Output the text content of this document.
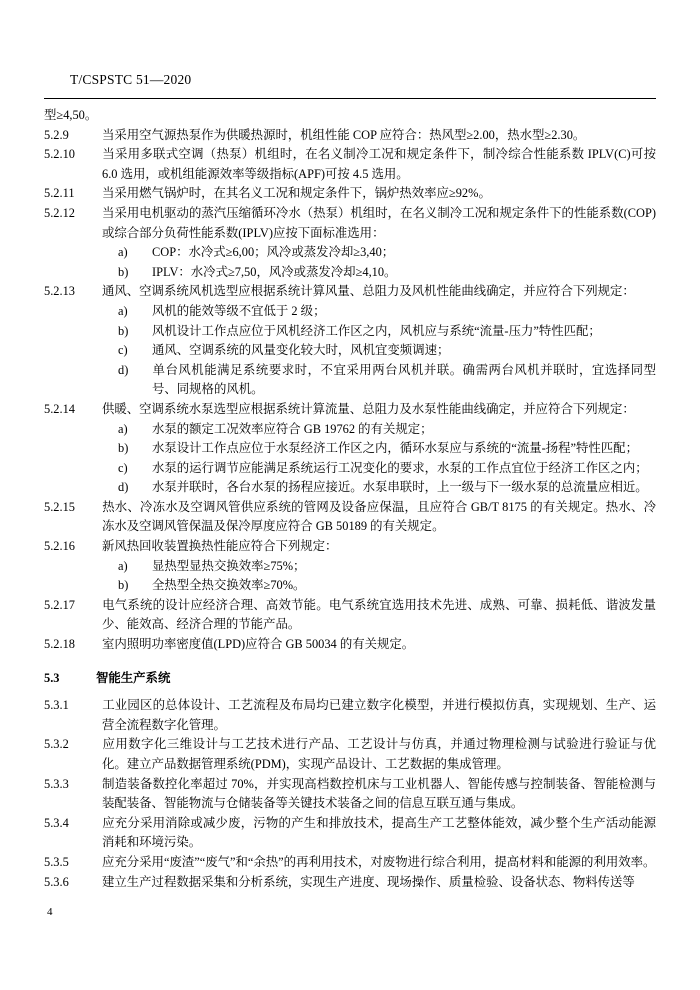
T/CSPSTC 51—2020
型≥4,50。
5.2.9	当采用空气源热泵作为供暖热源时，机组性能 COP 应符合：热风型≥2.00，热水型≥2.30。
5.2.10 当采用多联式空调（热泵）机组时，在名义制冷工况和规定条件下，制冷综合性能系数 IPLV(C)可按 6.0 选用，或机组能源效率等级指标(APF)可按 4.5 选用。
5.2.11 当采用燃气锅炉时，在其名义工况和规定条件下，锅炉热效率应≥92%。
5.2.12 当采用电机驱动的蒸汽压缩循环冷水（热泵）机组时，在名义制冷工况和规定条件下的性能系数(COP)或综合部分负荷性能系数(IPLV)应按下面标准选用：
a) COP：水冷式≥6,00；风冷或蒸发冷却≥3,40；
b) IPLV：水冷式≥7,50，风冷或蒸发冷却≥4,10。
5.2.13 通风、空调系统风机选型应根据系统计算风量、总阻力及风机性能曲线确定，并应符合下列规定：
a) 风机的能效等级不宜低于 2 级；
b) 风机设计工作点应位于风机经济工作区之内，风机应与系统“流量-压力”特性匹配；
c) 通风、空调系统的风量变化较大时，风机宜变频调速；
d) 单台风机能满足系统要求时，不宜采用两台风机并联。确需两台风机并联时，宜选择同型号、同规格的风机。
5.2.14 供暖、空调系统水泵选型应根据系统计算流量、总阻力及水泵性能曲线确定，并应符合下列规定：
a) 水泵的额定工况效率应符合 GB 19762 的有关规定；
b) 水泵设计工作点应位于水泵经济工作区之内，循环水泵应与系统的“流量-扬程”特性匹配；
c) 水泵的运行调节应能满足系统运行工况变化的要求，水泵的工作点宜位于经济工作区之内；
d) 水泵并联时，各台水泵的扬程应接近。水泵串联时，上一级与下一级水泵的总流量应相近。
5.2.15 热水、冷冻水及空调风管供应系统的管网及设备应保温，且应符合 GB/T 8175 的有关规定。热水、冷冻水及空调风管保温及保冷厚度应符合 GB 50189 的有关规定。
5.2.16 新风热回收装置换热性能应符合下列规定：
a) 显热型显热交换效率≥75%；
b) 全热型全热交换效率≥70%。
5.2.17 电气系统的设计应经济合理、高效节能。电气系统宜选用技术先进、成熟、可靠、损耗低、谐波发量少、能效高、经济合理的节能产品。
5.2.18 室内照明功率密度值(LPD)应符合 GB 50034 的有关规定。
5.3	智能生产系统
5.3.1	工业园区的总体设计、工艺流程及布局均已建立数字化模型，并进行模拟仿真，实现规划、生产、运营全流程数字化管理。
5.3.2	应用数字化三维设计与工艺技术进行产品、工艺设计与仿真，并通过物理检测与试验进行验证与优化。建立产品数据管理系统(PDM)，实现产品设计、工艺数据的集成管理。
5.3.3	制造装备数控化率超过 70%，并实现高档数控机床与工业机器人、智能传感与控制装备、智能检测与装配装备、智能物流与仓储装备等关键技术装备之间的信息互联互通与集成。
5.3.4	应充分采用消除或减少废，污物的产生和排放技术，提高生产工艺整体能效，减少整个生产活动能源消耗和环境污染。
5.3.5	应充分采用“废渣”“废气”和“余热”的再利用技术，对废物进行综合利用，提高材料和能源的利用效率。
5.3.6	建立生产过程数据采集和分析系统，实现生产进度、现场操作、质量检验、设备状态、物料传送等
4
